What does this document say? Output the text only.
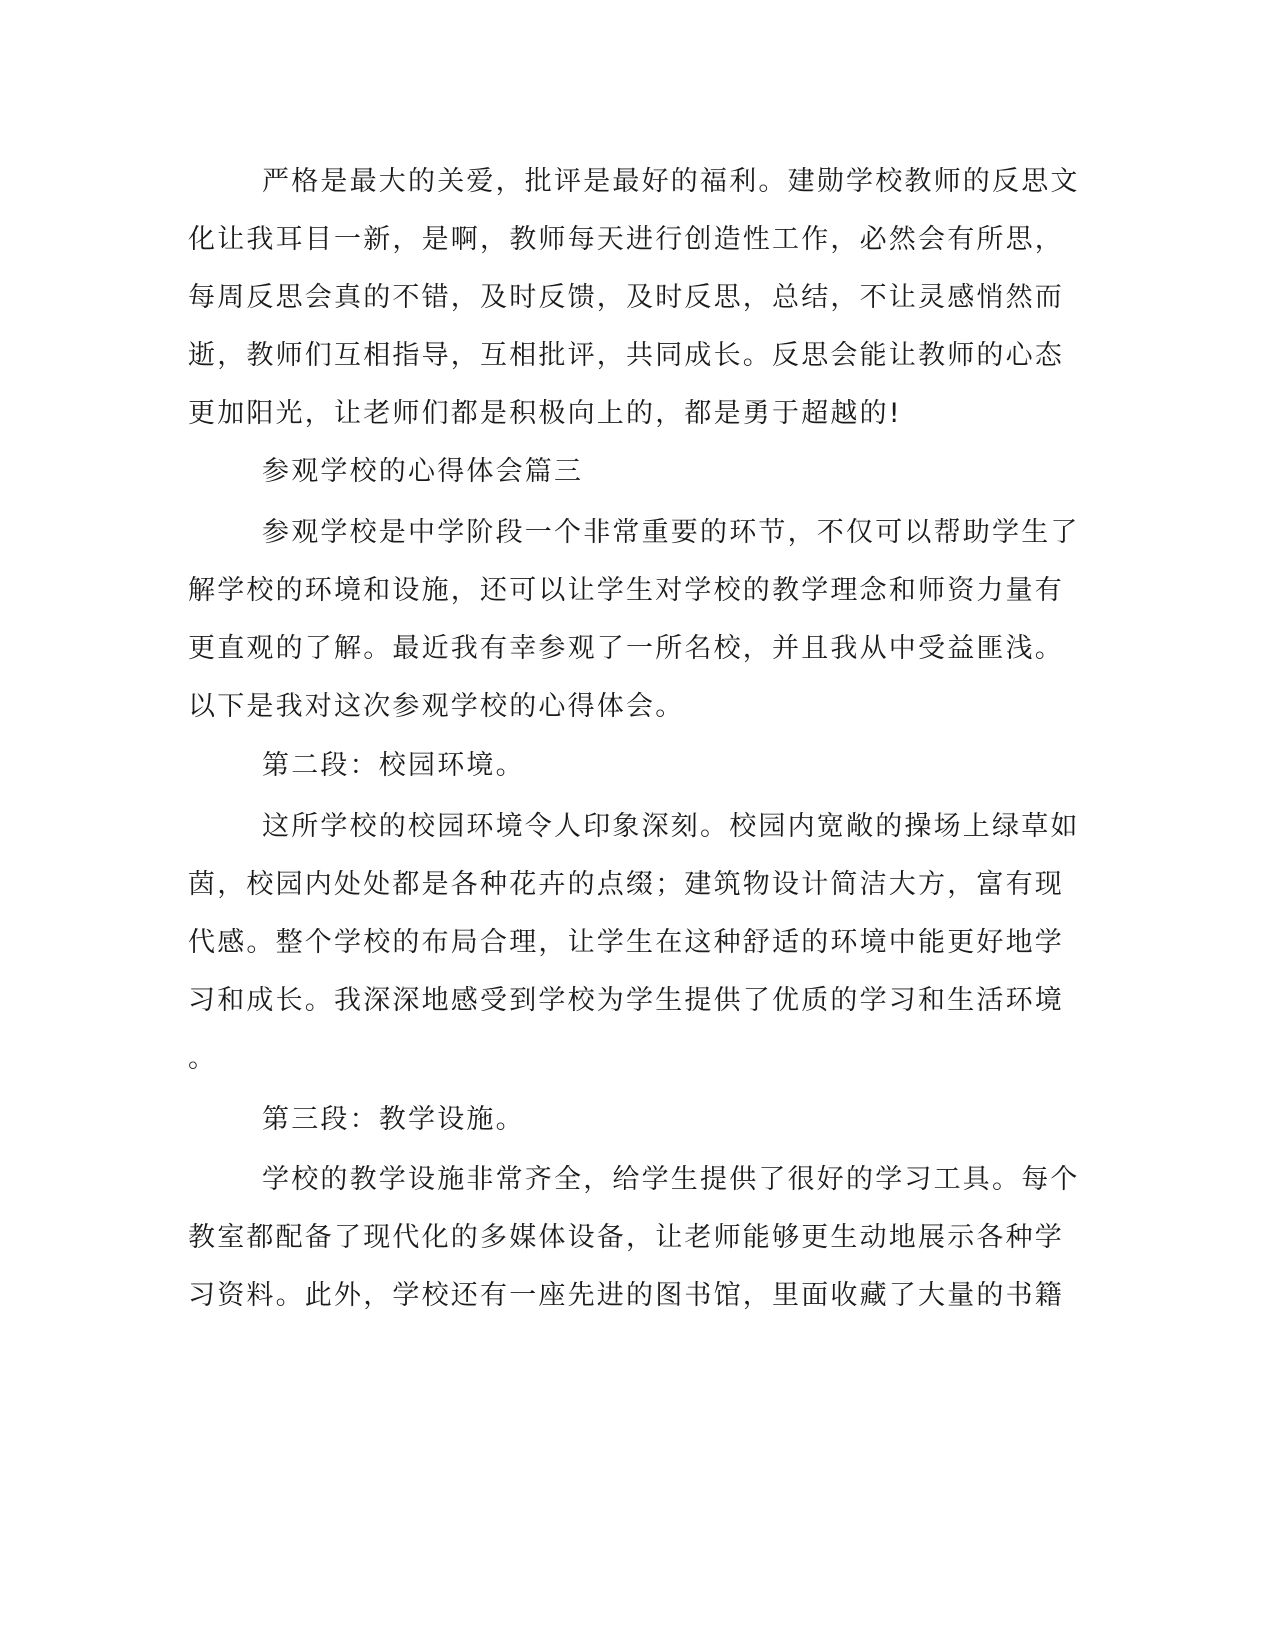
严格是最大的关爱，批评是最好的福利。建勋学校教师的反思文

化让我耳目一新，是啊，教师每天进行创造性工作，必然会有所思，

每周反思会真的不错，及时反馈，及时反思，总结，不让灵感悄然而

逝，教师们互相指导，互相批评，共同成长。反思会能让教师的心态

更加阳光，让老师们都是积极向上的，都是勇于超越的!

参观学校的心得体会篇三

参观学校是中学阶段一个非常重要的环节，不仅可以帮助学生了

解学校的环境和设施，还可以让学生对学校的教学理念和师资力量有

更直观的了解。最近我有幸参观了一所名校，并且我从中受益匪浅。

以下是我对这次参观学校的心得体会。

第二段：校园环境。

这所学校的校园环境令人印象深刻。校园内宽敞的操场上绿草如

茵，校园内处处都是各种花卉的点缀；建筑物设计简洁大方，富有现

代感。整个学校的布局合理，让学生在这种舒适的环境中能更好地学

习和成长。我深深地感受到学校为学生提供了优质的学习和生活环境

。

第三段：教学设施。

学校的教学设施非常齐全，给学生提供了很好的学习工具。每个

教室都配备了现代化的多媒体设备，让老师能够更生动地展示各种学

习资料。此外，学校还有一座先进的图书馆，里面收藏了大量的书籍
